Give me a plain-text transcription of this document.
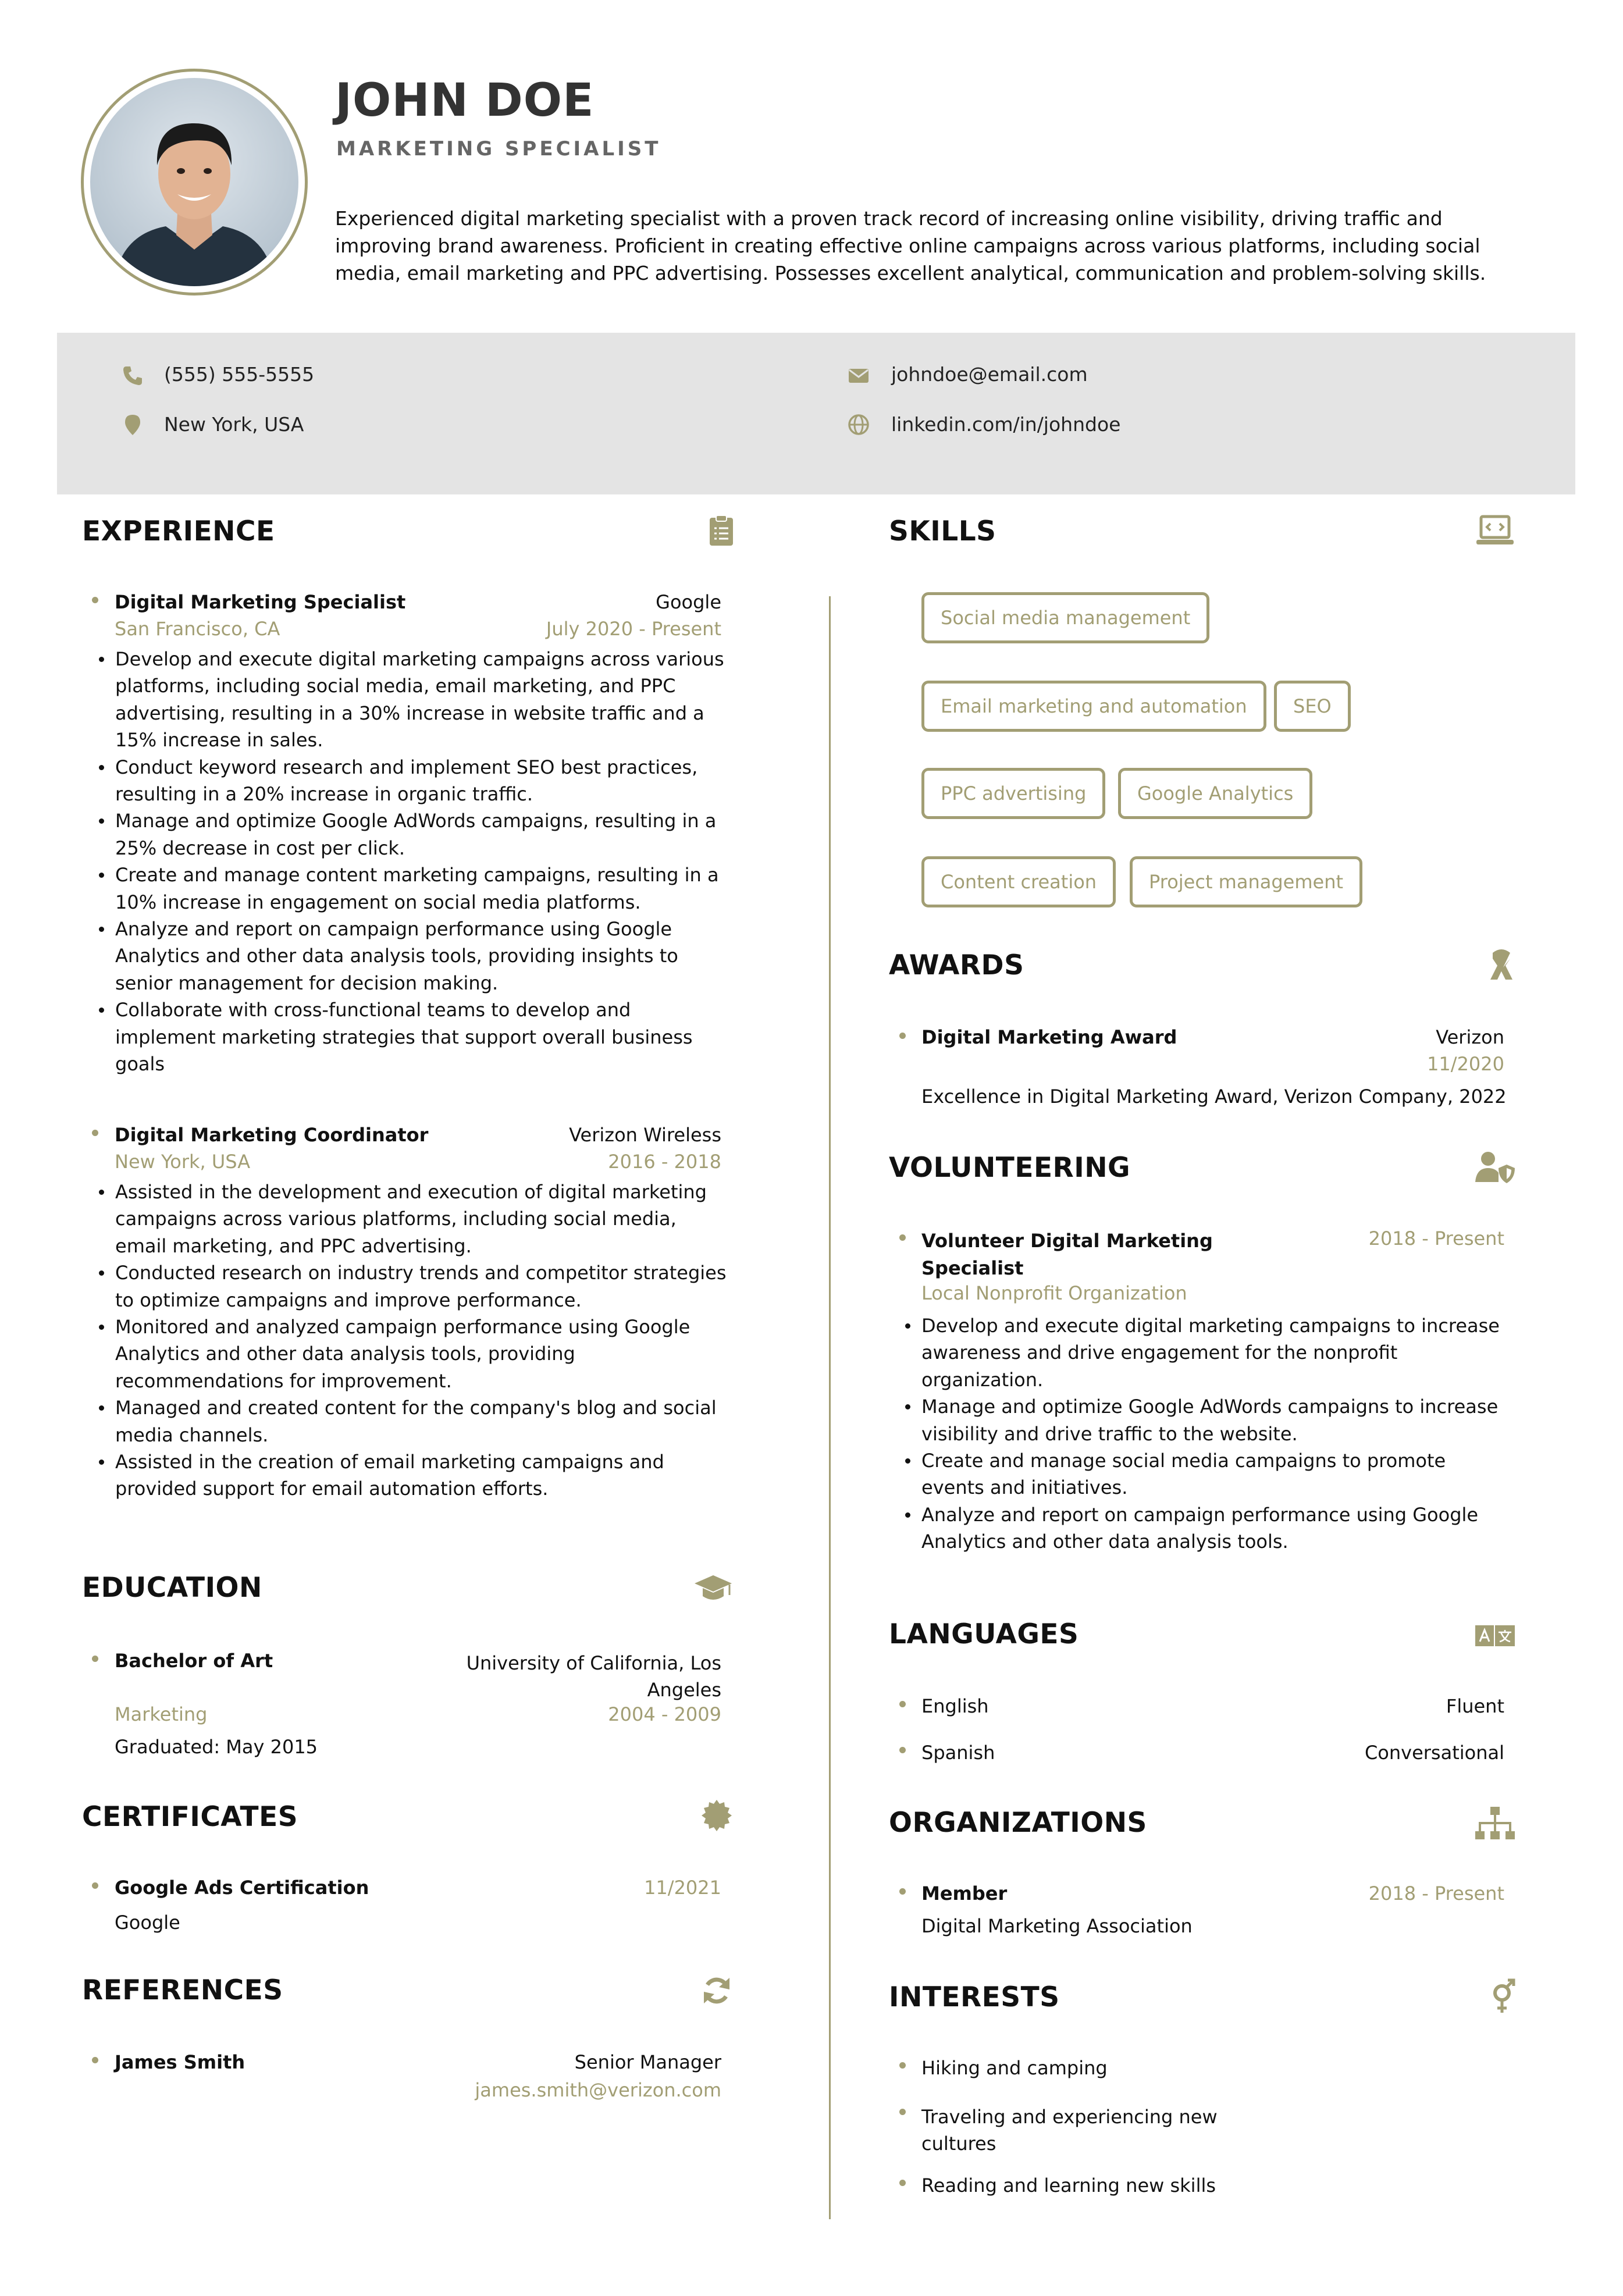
JOHN DOE
MARKETING SPECIALIST
Experienced digital marketing specialist with a proven track record of increasing online visibility, driving traffic and improving brand awareness. Proficient in creating effective online campaigns across various platforms, including social media, email marketing and PPC advertising. Possesses excellent analytical, communication and problem-solving skills.
(555) 555-5555
New York, USA
johndoe@email.com
linkedin.com/in/johndoe
EXPERIENCE
Digital Marketing Specialist	Google
San Francisco, CA	July 2020 - Present
Develop and execute digital marketing campaigns across various platforms, including social media, email marketing, and PPC advertising, resulting in a 30% increase in website traffic and a 15% increase in sales.
Conduct keyword research and implement SEO best practices, resulting in a 20% increase in organic traffic.
Manage and optimize Google AdWords campaigns, resulting in a 25% decrease in cost per click.
Create and manage content marketing campaigns, resulting in a 10% increase in engagement on social media platforms.
Analyze and report on campaign performance using Google Analytics and other data analysis tools, providing insights to senior management for decision making.
Collaborate with cross-functional teams to develop and implement marketing strategies that support overall business goals
Digital Marketing Coordinator	Verizon Wireless
New York, USA	2016 - 2018
Assisted in the development and execution of digital marketing campaigns across various platforms, including social media, email marketing, and PPC advertising.
Conducted research on industry trends and competitor strategies to optimize campaigns and improve performance.
Monitored and analyzed campaign performance using Google Analytics and other data analysis tools, providing recommendations for improvement.
Managed and created content for the company's blog and social media channels.
Assisted in the creation of email marketing campaigns and provided support for email automation efforts.
EDUCATION
Bachelor of Art	University of California, Los Angeles
Marketing	2004 - 2009
Graduated: May 2015
CERTIFICATES
Google Ads Certification	11/2021
Google
REFERENCES
James Smith	Senior Manager
james.smith@verizon.com
SKILLS
Social media management
Email marketing and automation	SEO
PPC advertising	Google Analytics
Content creation	Project management
AWARDS
Digital Marketing Award	Verizon
11/2020
Excellence in Digital Marketing Award, Verizon Company, 2022
VOLUNTEERING
Volunteer Digital Marketing Specialist
2018 - Present
Local Nonprofit Organization
Develop and execute digital marketing campaigns to increase awareness and drive engagement for the nonprofit organization.
Manage and optimize Google AdWords campaigns to increase visibility and drive traffic to the website.
Create and manage social media campaigns to promote events and initiatives.
Analyze and report on campaign performance using Google Analytics and other data analysis tools.
LANGUAGES
English	Fluent
Spanish	Conversational
ORGANIZATIONS
Member	2018 - Present
Digital Marketing Association
INTERESTS
Hiking and camping
Traveling and experiencing new cultures
Reading and learning new skills
